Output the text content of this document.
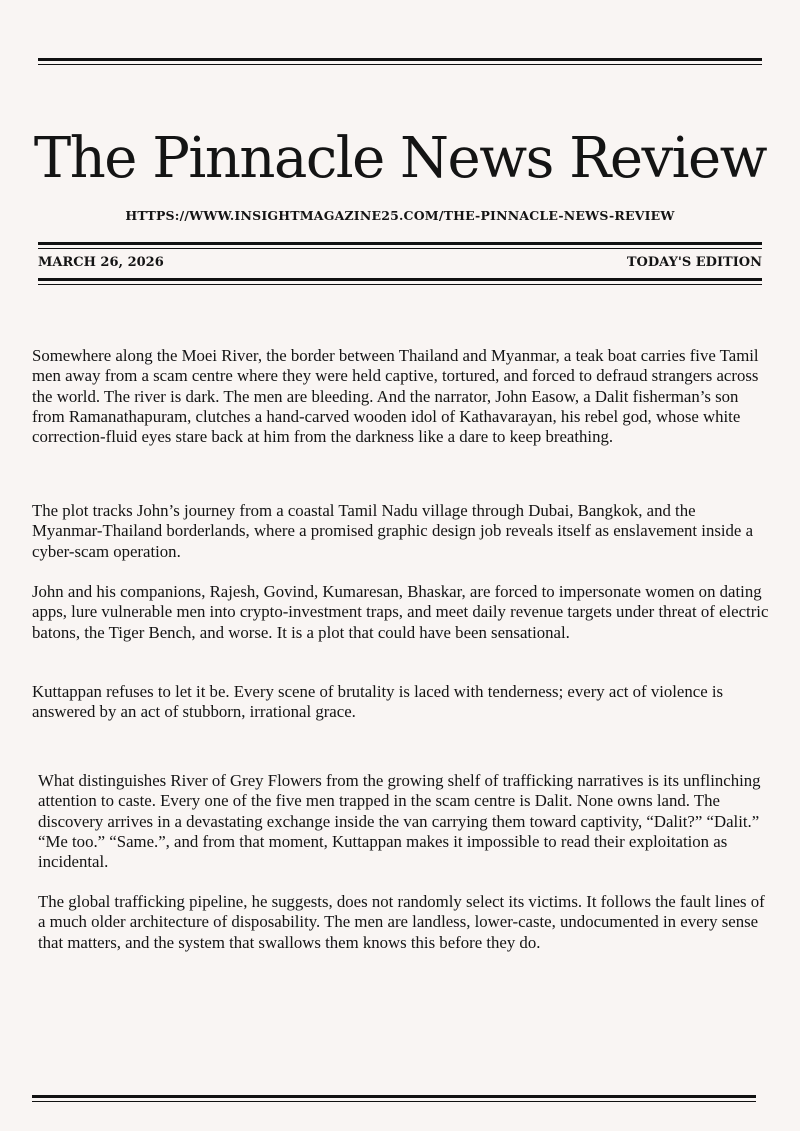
The Pinnacle News Review
HTTPS://WWW.INSIGHTMAGAZINE25.COM/THE-PINNACLE-NEWS-REVIEW
MARCH 26, 2026	TODAY'S EDITION

Somewhere along the Moei River, the border between Thailand and Myanmar, a teak boat carries five Tamil men away from a scam centre where they were held captive, tortured, and forced to defraud strangers across the world. The river is dark. The men are bleeding. And the narrator, John Easow, a Dalit fisherman’s son from Ramanathapuram, clutches a hand-carved wooden idol of Kathavarayan, his rebel god, whose white correction-fluid eyes stare back at him from the darkness like a dare to keep breathing.

The plot tracks John’s journey from a coastal Tamil Nadu village through Dubai, Bangkok, and the Myanmar-Thailand borderlands, where a promised graphic design job reveals itself as enslavement inside a cyber-scam operation.

John and his companions, Rajesh, Govind, Kumaresan, Bhaskar, are forced to impersonate women on dating apps, lure vulnerable men into crypto-investment traps, and meet daily revenue targets under threat of electric batons, the Tiger Bench, and worse. It is a plot that could have been sensational.

Kuttappan refuses to let it be. Every scene of brutality is laced with tenderness; every act of violence is answered by an act of stubborn, irrational grace.

What distinguishes River of Grey Flowers from the growing shelf of trafficking narratives is its unflinching attention to caste. Every one of the five men trapped in the scam centre is Dalit. None owns land. The discovery arrives in a devastating exchange inside the van carrying them toward captivity, “Dalit?” “Dalit.” “Me too.” “Same.”, and from that moment, Kuttappan makes it impossible to read their exploitation as incidental.

The global trafficking pipeline, he suggests, does not randomly select its victims. It follows the fault lines of a much older architecture of disposability. The men are landless, lower-caste, undocumented in every sense that matters, and the system that swallows them knows this before they do.
